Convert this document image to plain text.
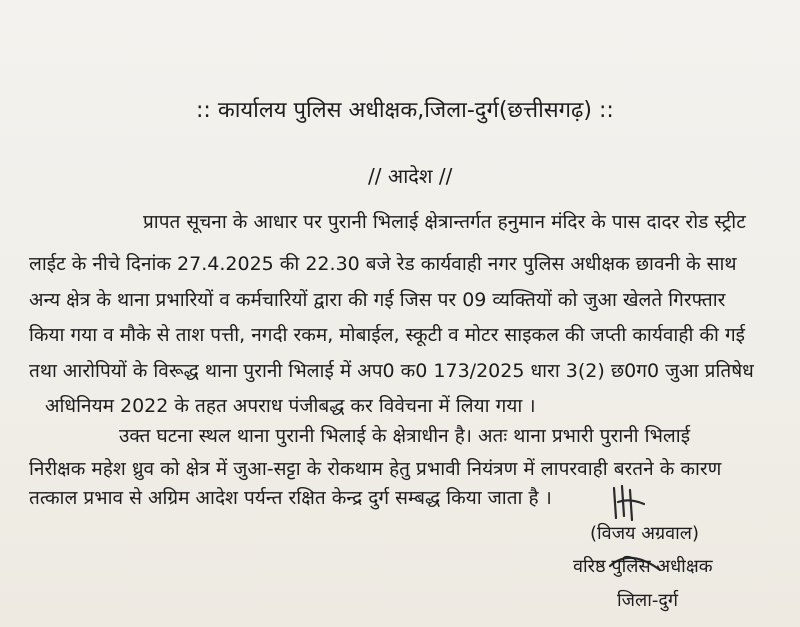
:: कार्यालय पुलिस अधीक्षक,जिला-दुर्ग(छत्तीसगढ़) ::
// आदेश //
प्रापत सूचना के आधार पर पुरानी भिलाई क्षेत्रान्तर्गत हनुमान मंदिर के पास दादर रोड स्ट्रीट
लाईट के नीचे दिनांक 27.4.2025 की 22.30 बजे रेड कार्यवाही नगर पुलिस अधीक्षक छावनी के साथ
अन्य क्षेत्र के थाना प्रभारियों व कर्मचारियों द्वारा की गई जिस पर 09 व्यक्तियों को जुआ खेलते गिरफ्तार
किया गया व मौके से ताश पत्ती, नगदी रकम, मोबाईल, स्कूटी व मोटर साइकल की जप्ती कार्यवाही की गई
तथा आरोपियों के विरूद्ध थाना पुरानी भिलाई में अप0 क0 173/2025 धारा 3(2) छ0ग0 जुआ प्रतिषेध
अधिनियम 2022 के तहत अपराध पंजीबद्ध कर विवेचना में लिया गया ।
उक्त घटना स्थल थाना पुरानी भिलाई के क्षेत्राधीन है। अतः थाना प्रभारी पुरानी भिलाई
निरीक्षक महेश ध्रुव को क्षेत्र में जुआ-सट्टा के रोकथाम हेतु प्रभावी नियंत्रण में लापरवाही बरतने के कारण
तत्काल प्रभाव से अग्रिम आदेश पर्यन्त रक्षित केन्द्र दुर्ग सम्बद्ध किया जाता है ।
(विजय अग्रवाल)
वरिष्ठ पुलिस अधीक्षक
जिला-दुर्ग
